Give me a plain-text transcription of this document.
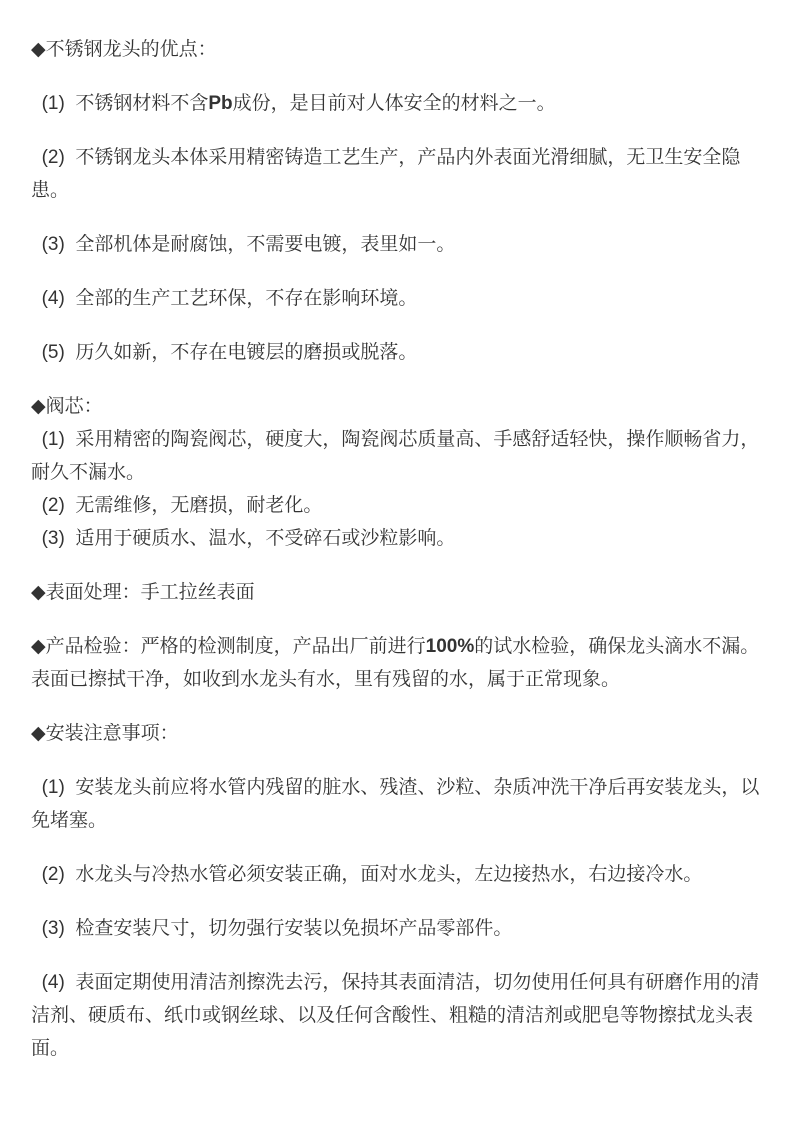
◆不锈钢龙头的优点：

(1)  不锈钢材料不含Pb成份，是目前对人体安全的材料之一。

(2)  不锈钢龙头本体采用精密铸造工艺生产，产品内外表面光滑细腻，无卫生安全隐患。

(3)  全部机体是耐腐蚀，不需要电镀，表里如一。

(4)  全部的生产工艺环保，不存在影响环境。

(5)  历久如新，不存在电镀层的磨损或脱落。

◆阀芯：
(1)  采用精密的陶瓷阀芯，硬度大，陶瓷阀芯质量高、手感舒适轻快，操作顺畅省力，耐久不漏水。
(2)  无需维修，无磨损，耐老化。
(3)  适用于硬质水、温水，不受碎石或沙粒影响。

◆表面处理：手工拉丝表面

◆产品检验：严格的检测制度，产品出厂前进行100%的试水检验，确保龙头滴水不漏。表面已擦拭干净，如收到水龙头有水，里有残留的水，属于正常现象。

◆安装注意事项：

(1)  安装龙头前应将水管内残留的脏水、残渣、沙粒、杂质冲洗干净后再安装龙头，以免堵塞。

(2)  水龙头与冷热水管必须安装正确，面对水龙头，左边接热水，右边接冷水。

(3)  检查安装尺寸，切勿强行安装以免损坏产品零部件。

(4)  表面定期使用清洁剂擦洗去污，保持其表面清洁，切勿使用任何具有研磨作用的清洁剂、硬质布、纸巾或钢丝球、以及任何含酸性、粗糙的清洁剂或肥皂等物擦拭龙头表面。
